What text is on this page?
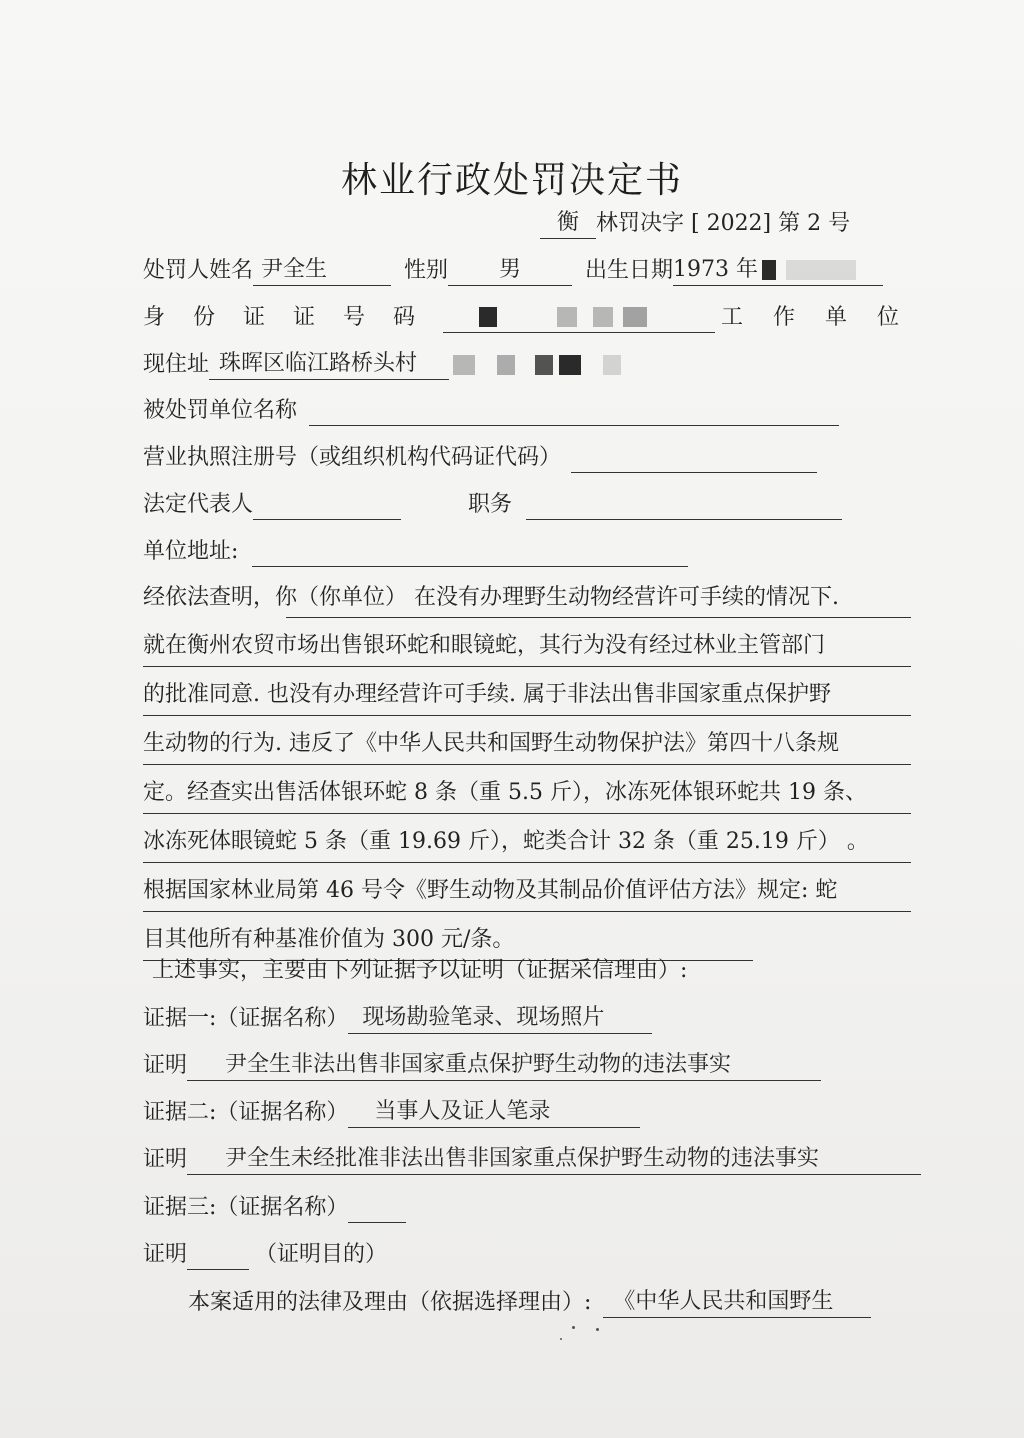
林业行政处罚决定书
衡 林罚决字 [ 2022] 第 2 号
处罚人姓名 尹全生	性别 男	出生日期1973 年
身份证证号码	工作单位
现住址 珠晖区临江路桥头村
被处罚单位名称
营业执照注册号（或组织机构代码证代码）
法定代表人	职务
单位地址:
经依法查明，你（你单位） 在没有办理野生动物经营许可手续的情况下.
就在衡州农贸市场出售银环蛇和眼镜蛇，其行为没有经过林业主管部门
的批准同意. 也没有办理经营许可手续. 属于非法出售非国家重点保护野
生动物的行为. 违反了《中华人民共和国野生动物保护法》第四十八条规
定。经查实出售活体银环蛇 8 条（重 5.5 斤），冰冻死体银环蛇共 19 条、
冰冻死体眼镜蛇 5 条（重 19.69 斤），蛇类合计 32 条（重 25.19 斤） 。
根据国家林业局第 46 号令《野生动物及其制品价值评估方法》规定: 蛇
目其他所有种基准价值为 300 元/条。
上述事实，主要由下列证据予以证明（证据采信理由）:
证据一:（证据名称） 现场勘验笔录、现场照片
证明 尹全生非法出售非国家重点保护野生动物的违法事实
证据二:（证据名称） 当事人及证人笔录
证明 尹全生未经批准非法出售非国家重点保护野生动物的违法事实
证据三:（证据名称）
证明	（证明目的）
本案适用的法律及理由（依据选择理由）: 《中华人民共和国野生
